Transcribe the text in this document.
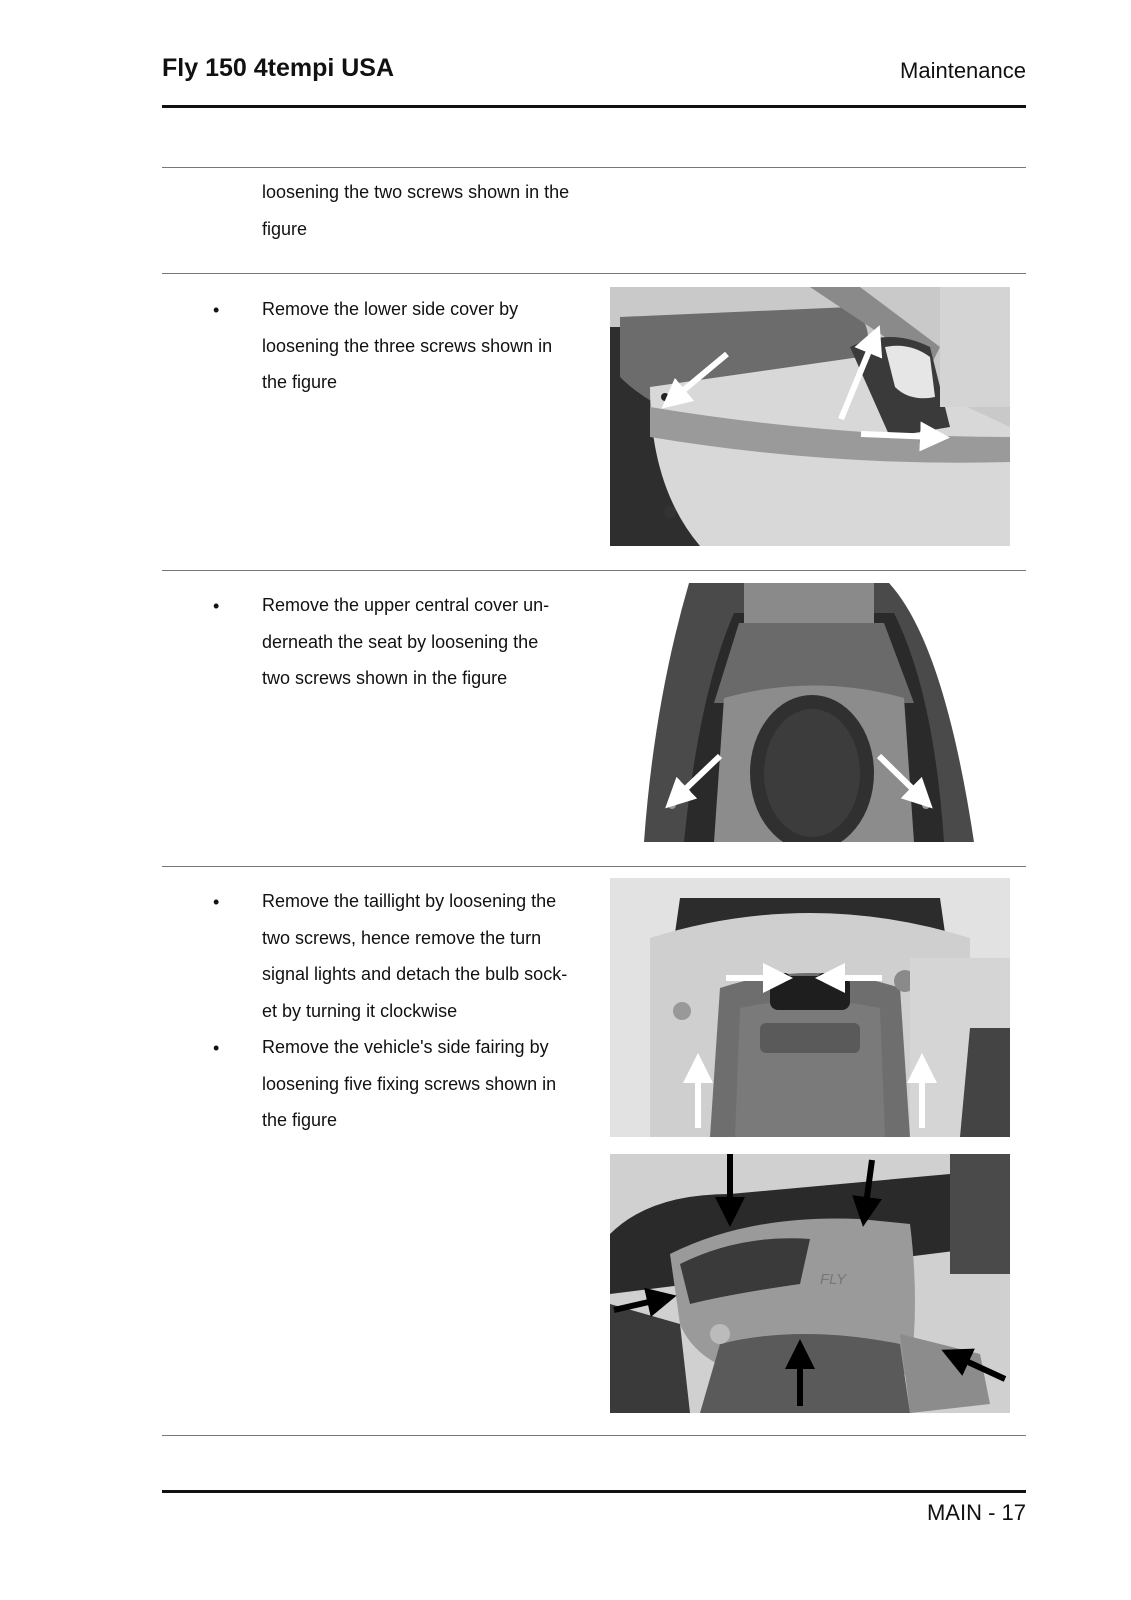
Fly 150 4tempi USA	Maintenance
loosening the two screws shown in the
figure
• Remove the lower side cover by
loosening the three screws shown in
the figure
• Remove the upper central cover un-
derneath the seat by loosening the
two screws shown in the figure
• Remove the taillight by loosening the
two screws, hence remove the turn
signal lights and detach the bulb sock-
et by turning it clockwise
• Remove the vehicle's side fairing by
loosening five fixing screws shown in
the figure
FLY
MAIN - 17
